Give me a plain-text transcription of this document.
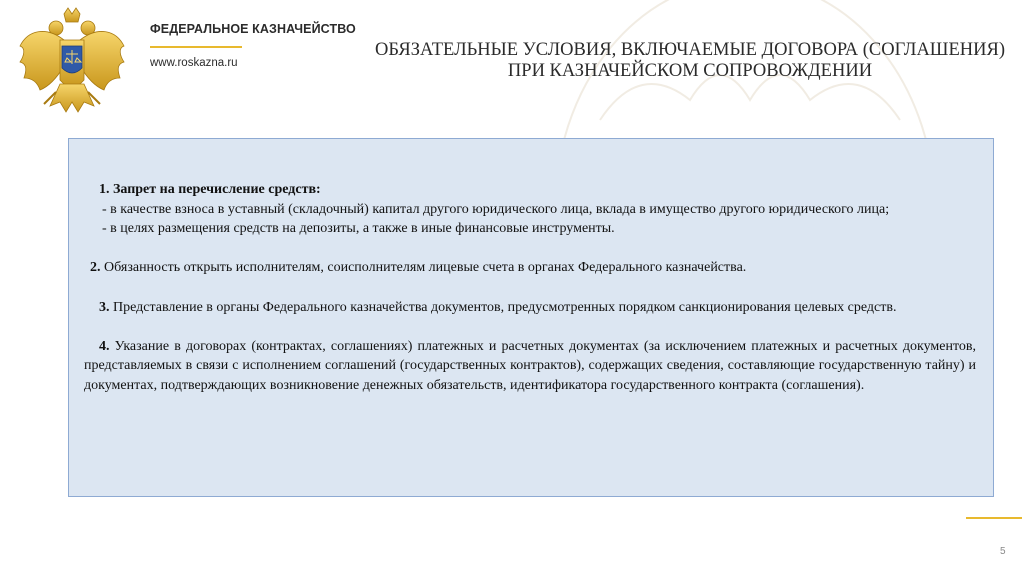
ФЕДЕРАЛЬНОЕ КАЗНАЧЕЙСТВО
www.roskazna.ru
ОБЯЗАТЕЛЬНЫЕ УСЛОВИЯ, ВКЛЮЧАЕМЫЕ ДОГОВОРА (СОГЛАШЕНИЯ) ПРИ КАЗНАЧЕЙСКОМ СОПРОВОЖДЕНИИ

1. Запрет на перечисление средств:

- в качестве взноса в уставный (складочный) капитал другого юридического лица, вклада в имущество другого юридического лица;

- в целях размещения средств на депозиты, а также в иные финансовые инструменты.

2. Обязанность открыть исполнителям, соисполнителям лицевые счета в органах Федерального казначейства.

3. Представление в органы Федерального казначейства документов, предусмотренных порядком санкционирования целевых средств.

4. Указание в договорах (контрактах, соглашениях) платежных и расчетных документах (за исключением платежных и расчетных документов, представляемых в связи с исполнением соглашений (государственных контрактов), содержащих сведения, составляющие государственную тайну) и документах, подтверждающих возникновение денежных обязательств, идентификатора государственного контракта (соглашения).

5
